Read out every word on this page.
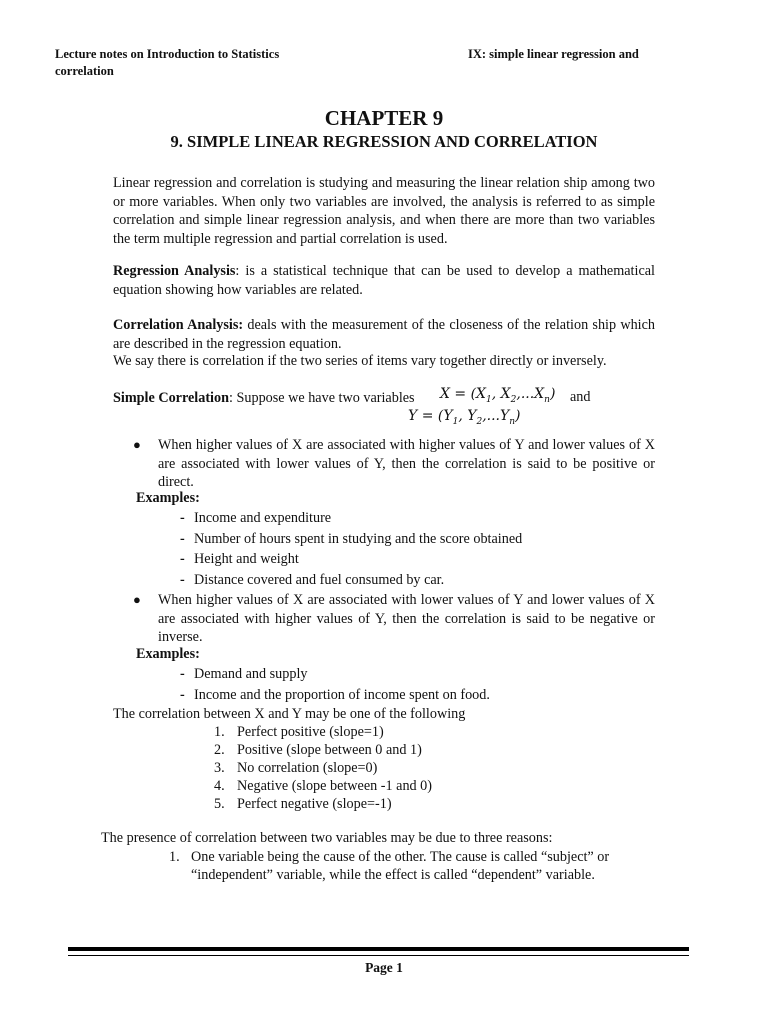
Lecture notes on Introduction to Statistics correlation
IX: simple linear regression and
CHAPTER 9
9. SIMPLE LINEAR REGRESSION AND CORRELATION

Linear regression and correlation is studying and measuring the linear relation ship among two or more variables. When only two variables are involved, the analysis is referred to as simple correlation and simple linear regression analysis, and when there are more than two variables the term multiple regression and partial correlation is used.

Regression Analysis: is a statistical technique that can be used to develop a mathematical equation showing how variables are related.

Correlation Analysis: deals with the measurement of the closeness of the relation ship which are described in the regression equation.

We say there is correlation if the two series of items vary together directly or inversely.

Simple Correlation: Suppose we have two variables $X = (X_1$, $X_2,...X_n$) and
$Y = (Y_1$, $Y_2,...Y_n$)
● When higher values of X are associated with higher values of Y and lower values of X are associated with lower values of Y, then the correlation is said to be positive or direct.
Examples:
- Income and expenditure
- Number of hours spent in studying and the score obtained
- Height and weight
- Distance covered and fuel consumed by car.
● When higher values of X are associated with lower values of Y and lower values of X are associated with higher values of Y, then the correlation is said to be negative or inverse.
Examples:
- Demand and supply
- Income and the proportion of income spent on food.
The correlation between X and Y may be one of the following
1. Perfect positive (slope=1)
2. Positive (slope between 0 and 1)
3. No correlation (slope=0)
4. Negative (slope between -1 and 0)
5. Perfect negative (slope=-1)
The presence of correlation between two variables may be due to three reasons:
1. One variable being the cause of the other. The cause is called “subject” or “independent” variable, while the effect is called “dependent” variable.
Page 1
